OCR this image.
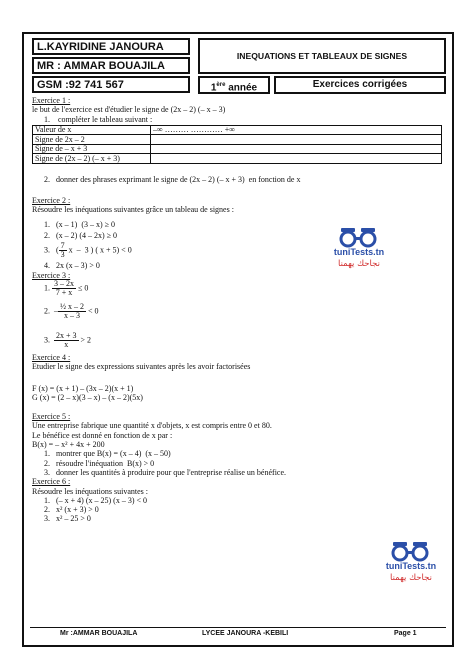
L.KAYRIDINE JANOURA
MR : AMMAR BOUAJILA
GSM :92 741 567
INEQUATIONS ET TABLEAUX DE SIGNES
1ère année	Exercices corrigées
Exercice 1 :
le but de l'exercice est d'étudier le signe de (2x – 2) (– x – 3)
1.    compléter le tableau suivant :
Valeur de x	–∞ ……… ………… +∞
Signe de 2x – 2	
Signe de – x + 3	
Signe de (2x – 2) (– x + 3)	
2.   donner des phrases exprimant le signe de (2x – 2) (– x + 3)  en fonction de x
Exercice 2 :
Résoudre les inéquations suivantes grâce un tableau de signes :
1.   (x – 1)  (3 – x) ≥ 0
2.   (x – 2) (4 – 2x) ≥ 0
3.   ( $\frac{7}{3}$ x  –  3 ) ( x + 5) < 0
4.   2x (x – 3) > 0
Exercice 3 :
1. $\frac{3 - 2x}{7 + x} \le 0$
2.  – $\frac{\text{½ x – 2}}{x - 3} < 0$
3. $\frac{2x + 3}{x} > 2$
Exercice 4 :
Etudier le signe des expressions suivantes après les avoir factorisées
F (x) = (x + 1) – (3x – 2)(x + 1)
G (x) = (2 – x)(3 – x) – (x – 2)(5x)
Exercice 5 :
Une entreprise fabrique une quantité x d'objets, x est compris entre 0 et 80.
Le bénéfice est donné en fonction de x par :
B(x) = – x² + 4x + 200
1.   montrer que B(x) = (x – 4)  (x – 50)
2.   résoudre l'inéquation  B(x) > 0
3.   donner les quantités à produire pour que l'entreprise réalise un bénéfice.
Exercice 6 :
Résoudre les inéquations suivantes :
1.   (– x + 4) (x – 25) (x – 3) < 0
2.   x² (x + 3) > 0
3.   x² – 25 > 0
tuniTests.tn
نجاحك يهمنا
tuniTests.tn
نجاحك يهمنا
Mr :AMMAR BOUAJILA	LYCEE JANOURA -KEBILI	Page 1
